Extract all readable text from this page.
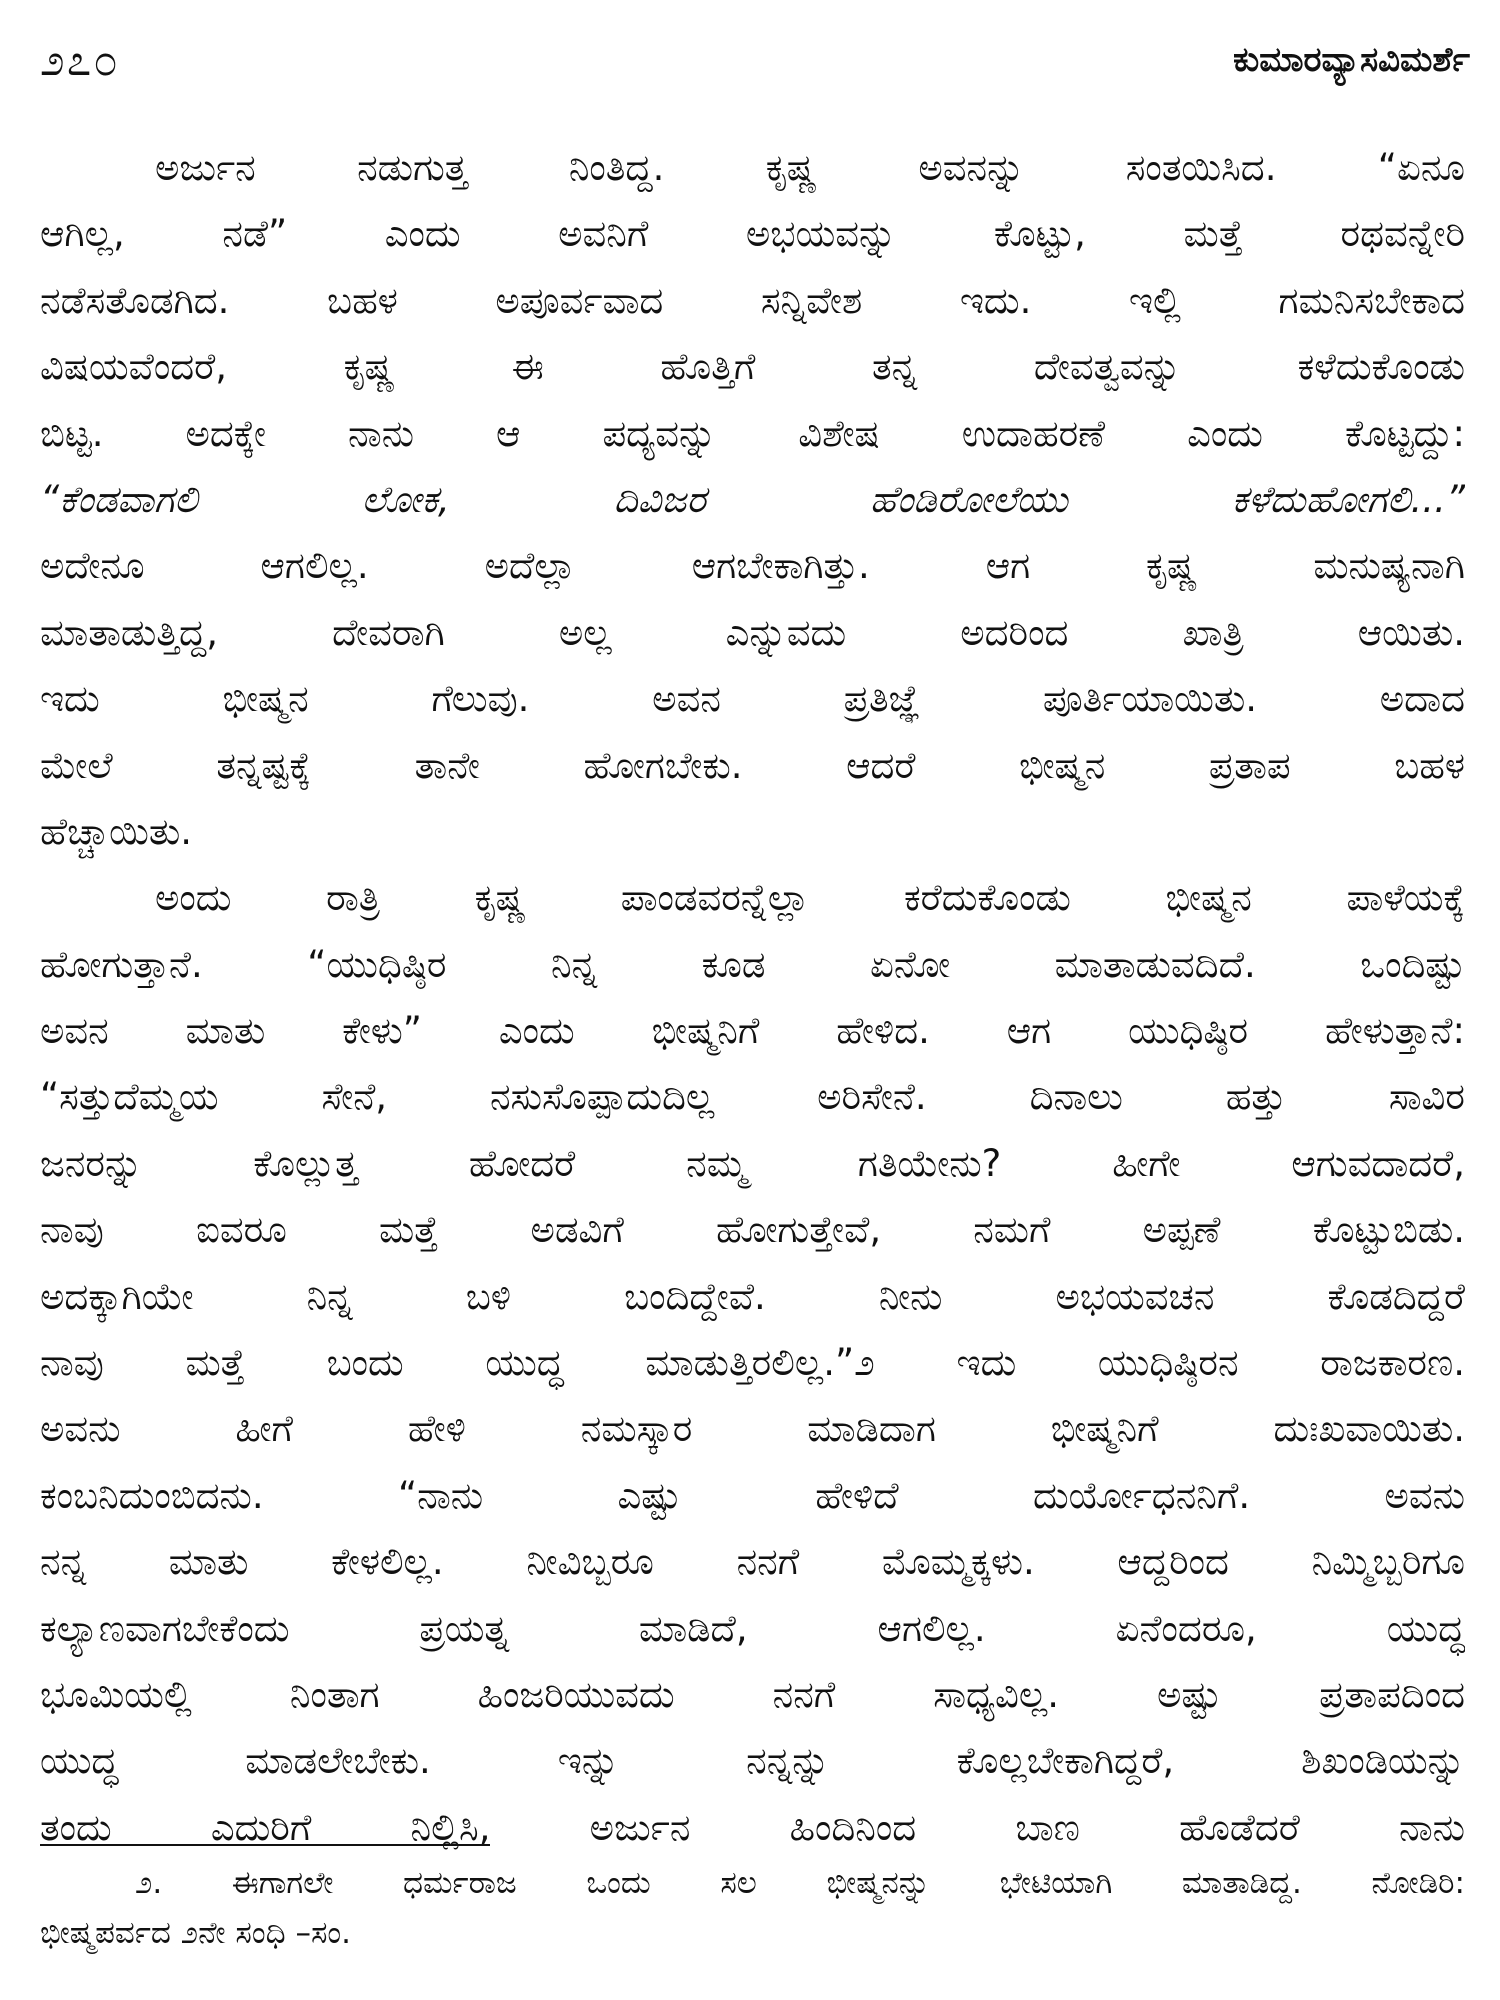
೨೭೦	ಕುಮಾರವ್ಯಾಸವಿಮರ್ಶೆ
ಅರ್ಜುನ ನಡುಗುತ್ತ ನಿಂತಿದ್ದ. ಕೃಷ್ಣ ಅವನನ್ನು ಸಂತಯಿಸಿದ. “ಏನೂ
ಆಗಿಲ್ಲ, ನಡೆ” ಎಂದು ಅವನಿಗೆ ಅಭಯವನ್ನು ಕೊಟ್ಟು, ಮತ್ತೆ ರಥವನ್ನೇರಿ
ನಡೆಸತೊಡಗಿದ. ಬಹಳ ಅಪೂರ್ವವಾದ ಸನ್ನಿವೇಶ ಇದು. ಇಲ್ಲಿ ಗಮನಿಸಬೇಕಾದ
ವಿಷಯವೆಂದರೆ, ಕೃಷ್ಣ ಈ ಹೊತ್ತಿಗೆ ತನ್ನ ದೇವತ್ವವನ್ನು ಕಳೆದುಕೊಂಡು
ಬಿಟ್ಟ. ಅದಕ್ಕೇ ನಾನು ಆ ಪದ್ಯವನ್ನು ವಿಶೇಷ ಉದಾಹರಣೆ ಎಂದು ಕೊಟ್ಟದ್ದು:
“ಕೆಂಡವಾಗಲಿ ಲೋಕ, ದಿವಿಜರ ಹೆಂಡಿರೋಲೆಯು ಕಳೆದುಹೋಗಲಿ...”
ಅದೇನೂ ಆಗಲಿಲ್ಲ. ಅದೆಲ್ಲಾ ಆಗಬೇಕಾಗಿತ್ತು. ಆಗ ಕೃಷ್ಣ ಮನುಷ್ಯನಾಗಿ
ಮಾತಾಡುತ್ತಿದ್ದ, ದೇವರಾಗಿ ಅಲ್ಲ ಎನ್ನುವದು ಅದರಿಂದ ಖಾತ್ರಿ ಆಯಿತು.
ಇದು ಭೀಷ್ಮನ ಗೆಲುವು. ಅವನ ಪ್ರತಿಜ್ಞೆ ಪೂರ್ತಿಯಾಯಿತು. ಅದಾದ
ಮೇಲೆ ತನ್ನಷ್ಟಕ್ಕೆ ತಾನೇ ಹೋಗಬೇಕು. ಆದರೆ ಭೀಷ್ಮನ ಪ್ರತಾಪ ಬಹಳ
ಹೆಚ್ಚಾಯಿತು.
ಅಂದು ರಾತ್ರಿ ಕೃಷ್ಣ ಪಾಂಡವರನ್ನೆಲ್ಲಾ ಕರೆದುಕೊಂಡು ಭೀಷ್ಮನ ಪಾಳೆಯಕ್ಕೆ
ಹೋಗುತ್ತಾನೆ. “ಯುಧಿಷ್ಠಿರ ನಿನ್ನ ಕೂಡ ಏನೋ ಮಾತಾಡುವದಿದೆ. ಒಂದಿಷ್ಟು
ಅವನ ಮಾತು ಕೇಳು” ಎಂದು ಭೀಷ್ಮನಿಗೆ ಹೇಳಿದ. ಆಗ ಯುಧಿಷ್ಠಿರ ಹೇಳುತ್ತಾನೆ:
“ಸತ್ತುದೆಮ್ಮಯ ಸೇನೆ, ನಸುಸೊಪ್ಪಾದುದಿಲ್ಲ ಅರಿಸೇನೆ. ದಿನಾಲು ಹತ್ತು ಸಾವಿರ
ಜನರನ್ನು ಕೊಲ್ಲುತ್ತ ಹೋದರೆ ನಮ್ಮ ಗತಿಯೇನು? ಹೀಗೇ ಆಗುವದಾದರೆ,
ನಾವು ಐವರೂ ಮತ್ತೆ ಅಡವಿಗೆ ಹೋಗುತ್ತೇವೆ, ನಮಗೆ ಅಪ್ಪಣೆ ಕೊಟ್ಟುಬಿಡು.
ಅದಕ್ಕಾಗಿಯೇ ನಿನ್ನ ಬಳಿ ಬಂದಿದ್ದೇವೆ. ನೀನು ಅಭಯವಚನ ಕೊಡದಿದ್ದರೆ
ನಾವು ಮತ್ತೆ ಬಂದು ಯುದ್ಧ ಮಾಡುತ್ತಿರಲಿಲ್ಲ.”೨ ಇದು ಯುಧಿಷ್ಠಿರನ ರಾಜಕಾರಣ.
ಅವನು ಹೀಗೆ ಹೇಳಿ ನಮಸ್ಕಾರ ಮಾಡಿದಾಗ ಭೀಷ್ಮನಿಗೆ ದುಃಖವಾಯಿತು.
ಕಂಬನಿದುಂಬಿದನು. “ನಾನು ಎಷ್ಟು ಹೇಳಿದೆ ದುರ್ಯೋಧನನಿಗೆ. ಅವನು
ನನ್ನ ಮಾತು ಕೇಳಲಿಲ್ಲ. ನೀವಿಬ್ಬರೂ ನನಗೆ ಮೊಮ್ಮಕ್ಕಳು. ಆದ್ದರಿಂದ ನಿಮ್ಮಿಬ್ಬರಿಗೂ
ಕಲ್ಯಾಣವಾಗಬೇಕೆಂದು ಪ್ರಯತ್ನ ಮಾಡಿದೆ, ಆಗಲಿಲ್ಲ. ಏನೆಂದರೂ, ಯುದ್ಧ
ಭೂಮಿಯಲ್ಲಿ ನಿಂತಾಗ ಹಿಂಜರಿಯುವದು ನನಗೆ ಸಾಧ್ಯವಿಲ್ಲ. ಅಷ್ಟು ಪ್ರತಾಪದಿಂದ
ಯುದ್ಧ ಮಾಡಲೇಬೇಕು. ಇನ್ನು ನನ್ನನ್ನು ಕೊಲ್ಲಬೇಕಾಗಿದ್ದರೆ, ಶಿಖಂಡಿಯನ್ನು
ತಂದು ಎದುರಿಗೆ ನಿಲ್ಲಿಸಿ, ಅರ್ಜುನ ಹಿಂದಿನಿಂದ ಬಾಣ ಹೊಡೆದರೆ ನಾನು
೨. ಈಗಾಗಲೇ ಧರ್ಮರಾಜ ಒಂದು ಸಲ ಭೀಷ್ಮನನ್ನು ಭೇಟಿಯಾಗಿ ಮಾತಾಡಿದ್ದ. ನೋಡಿರಿ:
ಭೀಷ್ಮಪರ್ವದ ೨ನೇ ಸಂಧಿ –ಸಂ.
